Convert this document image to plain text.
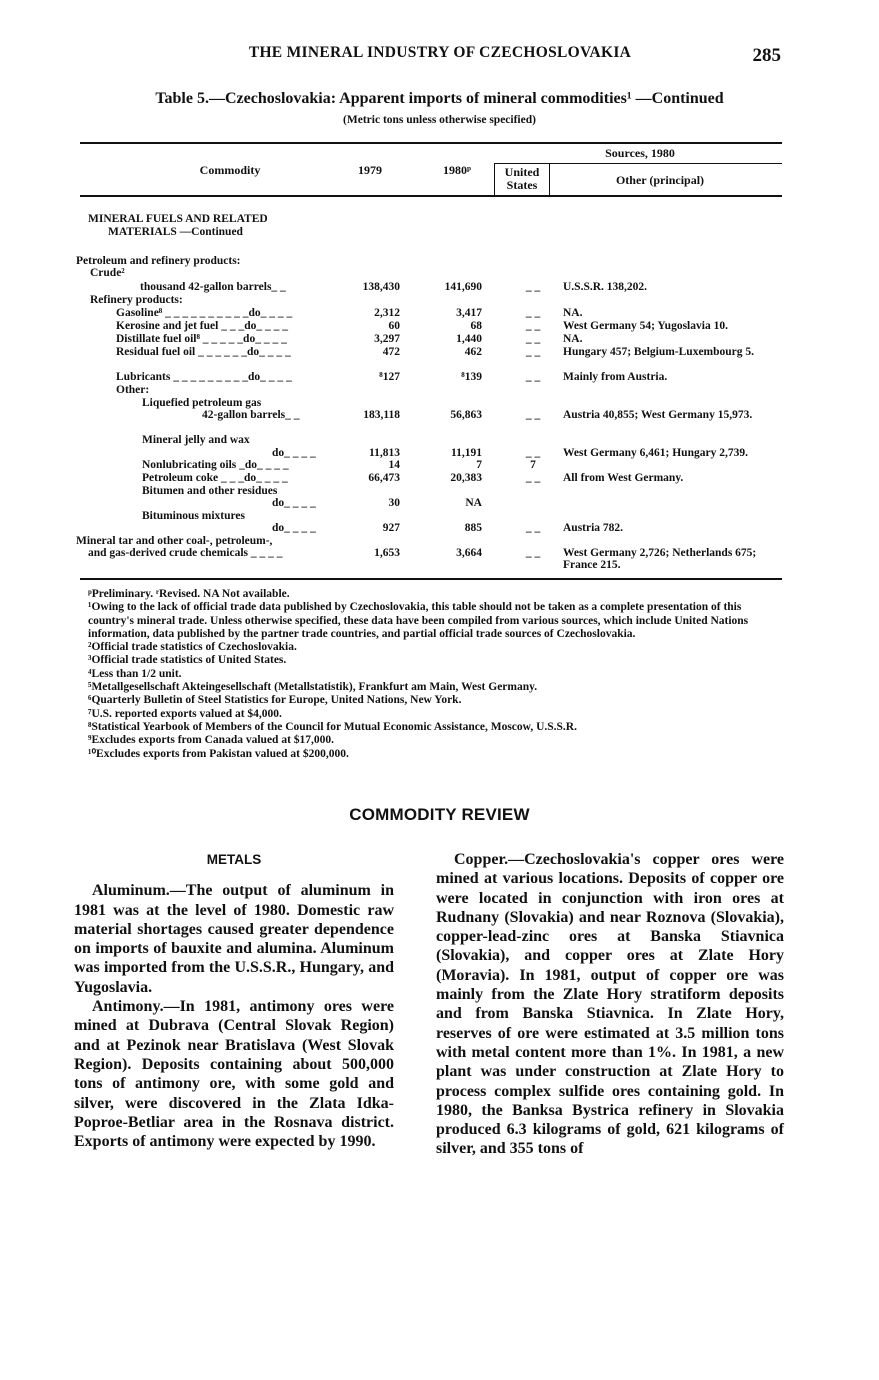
THE MINERAL INDUSTRY OF CZECHOSLOVAKIA	285
Table 5.—Czechoslovakia: Apparent imports of mineral commodities¹ —Continued
(Metric tons unless otherwise specified)
Commodity	1979	1980ᵖ
Sources, 1980
United States	Other (principal)
MINERAL FUELS AND RELATED
MATERIALS —Continued
Petroleum and refinery products:
Crude²
thousand 42-gallon barrels_ _	138,430	141,690	_ _	U.S.S.R. 138,202.
Refinery products:
Gasoline⁸ _ _ _ _ _ _ _ _ _ _do_ _ _ _	2,312	3,417	_ _	NA.
Kerosine and jet fuel _ _ _do_ _ _ _	60	68	_ _	West Germany 54; Yugoslavia 10.
Distillate fuel oil⁸ _ _ _ _ _do_ _ _ _	3,297	1,440	_ _	NA.
Residual fuel oil _ _ _ _ _ _do_ _ _ _	472	462	_ _	Hungary 457; Belgium-Luxembourg 5.
Lubricants _ _ _ _ _ _ _ _ _do_ _ _ _	⁸127	⁸139	_ _	Mainly from Austria.
Other:
Liquefied petroleum gas
42-gallon barrels_ _	183,118	56,863	_ _	Austria 40,855; West Germany 15,973.
Mineral jelly and wax
do_ _ _ _	11,813	11,191	_ _	West Germany 6,461; Hungary 2,739.
Nonlubricating oils _do_ _ _ _	14	7	7
Petroleum coke _ _ _do_ _ _ _	66,473	20,383	_ _	All from West Germany.
Bitumen and other residues
do_ _ _ _	30	NA
Bituminous mixtures
do_ _ _ _	927	885	_ _	Austria 782.
Mineral tar and other coal-, petroleum-,
and gas-derived crude chemicals _ _ _ _	1,653	3,664	_ _	West Germany 2,726; Netherlands 675; France 215.

ᵖPreliminary. ʳRevised. NA Not available.

¹Owing to the lack of official trade data published by Czechoslovakia, this table should not be taken as a complete presentation of this country's mineral trade. Unless otherwise specified, these data have been compiled from various sources, which include United Nations information, data published by the partner trade countries, and partial official trade sources of Czechoslovakia.

²Official trade statistics of Czechoslovakia.

³Official trade statistics of United States.

⁴Less than 1/2 unit.

⁵Metallgesellschaft Akteingesellschaft (Metallstatistik), Frankfurt am Main, West Germany.

⁶Quarterly Bulletin of Steel Statistics for Europe, United Nations, New York.

⁷U.S. reported exports valued at $4,000.

⁸Statistical Yearbook of Members of the Council for Mutual Economic Assistance, Moscow, U.S.S.R.

⁹Excludes exports from Canada valued at $17,000.

¹⁰Excludes exports from Pakistan valued at $200,000.

COMMODITY REVIEW

METALS

Aluminum.—The output of aluminum in 1981 was at the level of 1980. Domestic raw material shortages caused greater dependence on imports of bauxite and alumina. Aluminum was imported from the U.S.S.R., Hungary, and Yugoslavia.

Antimony.—In 1981, antimony ores were mined at Dubrava (Central Slovak Region) and at Pezinok near Bratislava (West Slovak Region). Deposits containing about 500,000 tons of antimony ore, with some gold and silver, were discovered in the Zlata Idka-Poproe-Betliar area in the Rosnava district. Exports of antimony were expected by 1990.

Copper.—Czechoslovakia's copper ores were mined at various locations. Deposits of copper ore were located in conjunction with iron ores at Rudnany (Slovakia) and near Roznova (Slovakia), copper-lead-zinc ores at Banska Stiavnica (Slovakia), and copper ores at Zlate Hory (Moravia). In 1981, output of copper ore was mainly from the Zlate Hory stratiform deposits and from Banska Stiavnica. In Zlate Hory, reserves of ore were estimated at 3.5 million tons with metal content more than 1%. In 1981, a new plant was under construction at Zlate Hory to process complex sulfide ores containing gold. In 1980, the Banksa Bystrica refinery in Slovakia produced 6.3 kilograms of gold, 621 kilograms of silver, and 355 tons of
